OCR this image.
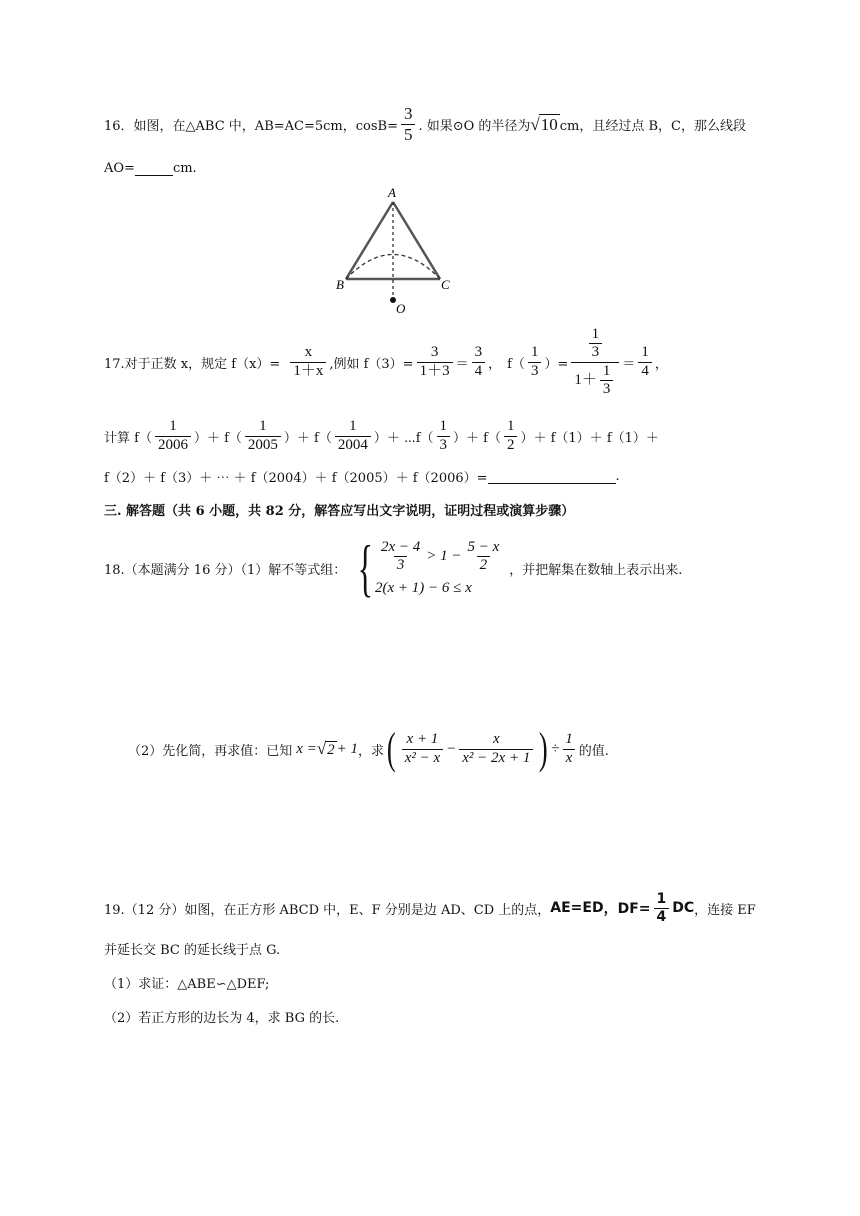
16．如图，在△ABC 中，AB=AC=5cm，$\cos B= \frac{3}{5}$ . 如果⊙O 的半径为 √ 10 cm，且经过点 B，C，那么线段
AO=	cm.
A
B	C
O
17.对于正数 x，规定 $f(x)= \frac{x}{1+x}$ ,例如 $f(3)= \frac{3}{1+3} = \frac{3}{4}$ ， $f( \frac{1}{3}$ ）= $\frac{\frac{1}{3}}{1+ \frac{1}{3}} = \frac{1}{4}$ ，
计算 $f( \frac{1}{2006}$ ）＋ $f( \frac{1}{2005}$ ）＋ $f( \frac{1}{2004}$ ）＋ ⋯f（ $\frac{1}{3}$ ）＋ $f( \frac{1}{2}$ ）＋ f（1）＋ f（1）＋
f（2）＋ f（3）＋ ⋯ ＋ f（2004）＋ f（2005）＋ f（2006）=	.
三. 解答题（共 6 小题，共 82 分，解答应写出文字说明，证明过程或演算步骤）
18.（本题满分 16 分）（1）解不等式组： { $\frac{2x - 4}{3} > 1 - \frac{5 - x}{2}$
2(x + 1) − 6 ≤ x
，并把解集在数轴上表示出来.
（2）先化简，再求值：已知 x = √ 2 + 1 ，求 ( $\frac{x + 1}{\text{x² − x}} - \frac{x}{\text{x² − 2x + 1}}$ ) ÷ $\frac{1}{x}$ 的值.
19.（12 分）如图，在正方形 ABCD 中，E、F 分别是边 AD、CD 上的点， AE=ED ，$DF= \frac{1}{4}$ DC ，连接 EF
并延长交 BC 的延长线于点 G.
（1）求证：△ABE∽△DEF;
（2）若正方形的边长为 4，求 BG 的长.
